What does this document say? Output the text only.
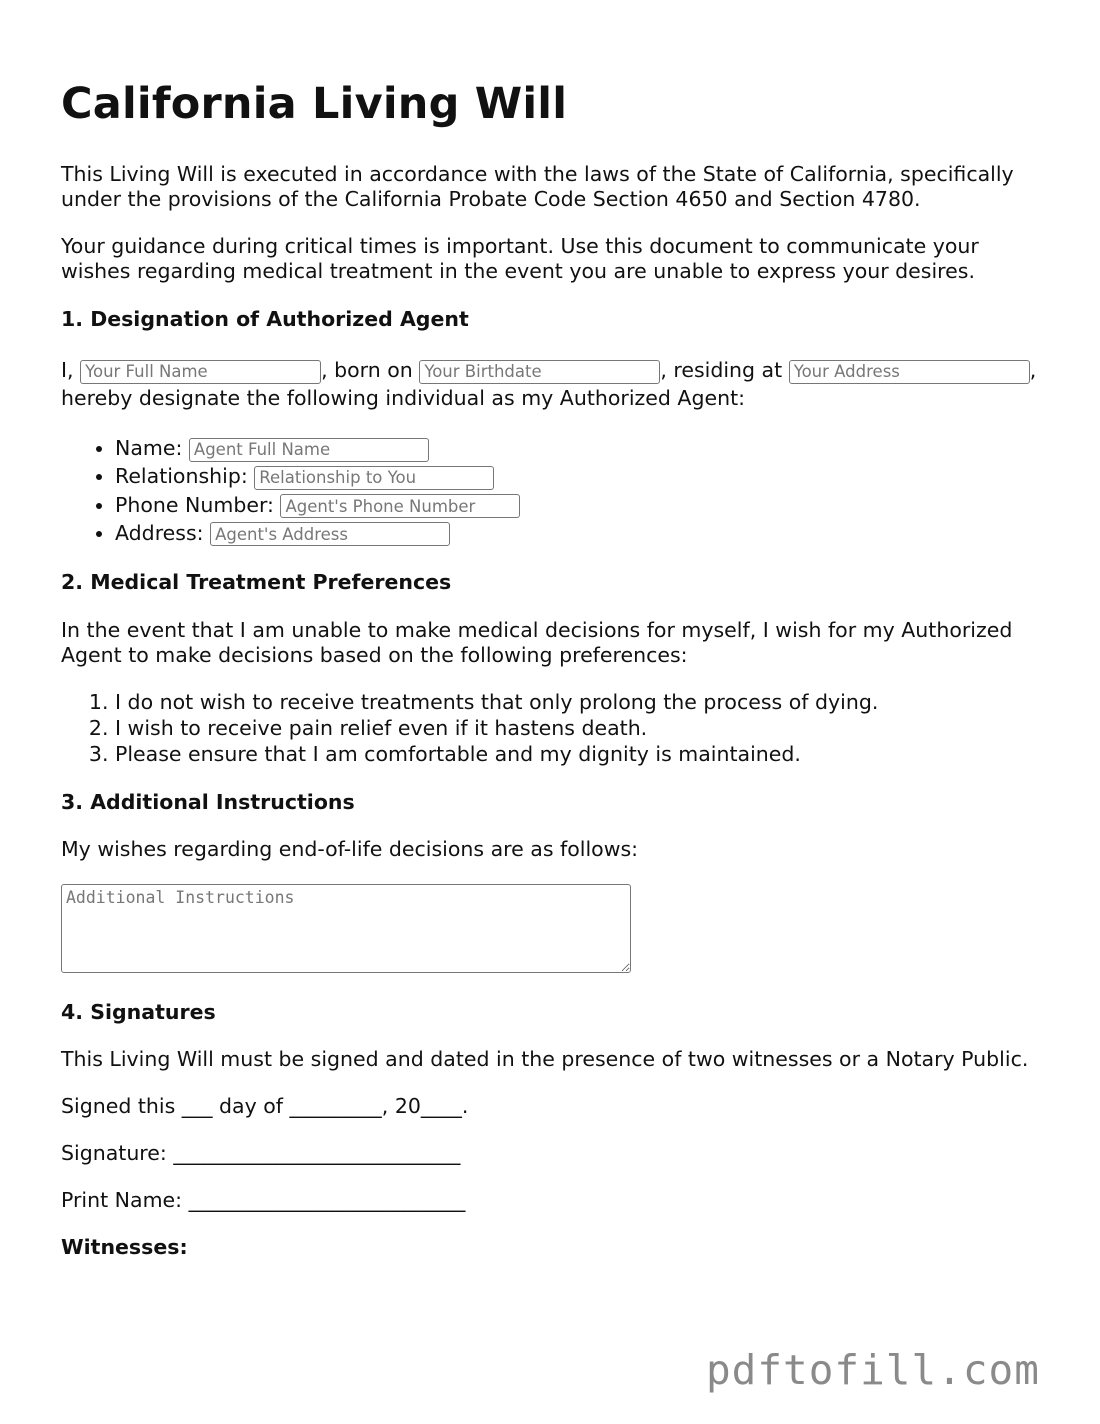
California Living Will

This Living Will is executed in accordance with the laws of the State of California, specifically under the provisions of the California Probate Code Section 4650 and Section 4780.

Your guidance during critical times is important. Use this document to communicate your wishes regarding medical treatment in the event you are unable to express your desires.

1. Designation of Authorized Agent

I, Your Full Name	, born on Your Birthdate	, residing at Your Address	, hereby designate the following individual as my Authorized Agent:

• Name: Agent Full Name
• Relationship: Relationship to You
• Phone Number: Agent's Phone Number
• Address: Agent's Address
2. Medical Treatment Preferences

In the event that I am unable to make medical decisions for myself, I wish for my Authorized Agent to make decisions based on the following preferences:

1. I do not wish to receive treatments that only prolong the process of dying.
2. I wish to receive pain relief even if it hastens death.
3. Please ensure that I am comfortable and my dignity is maintained.
3. Additional Instructions

My wishes regarding end-of-life decisions are as follows:

Additional Instructions
4. Signatures

This Living Will must be signed and dated in the presence of two witnesses or a Notary Public.

Signed this ___ day of _________, 20____.

Signature: ____________________________

Print Name: ___________________________

Witnesses:

pdftofill.com
